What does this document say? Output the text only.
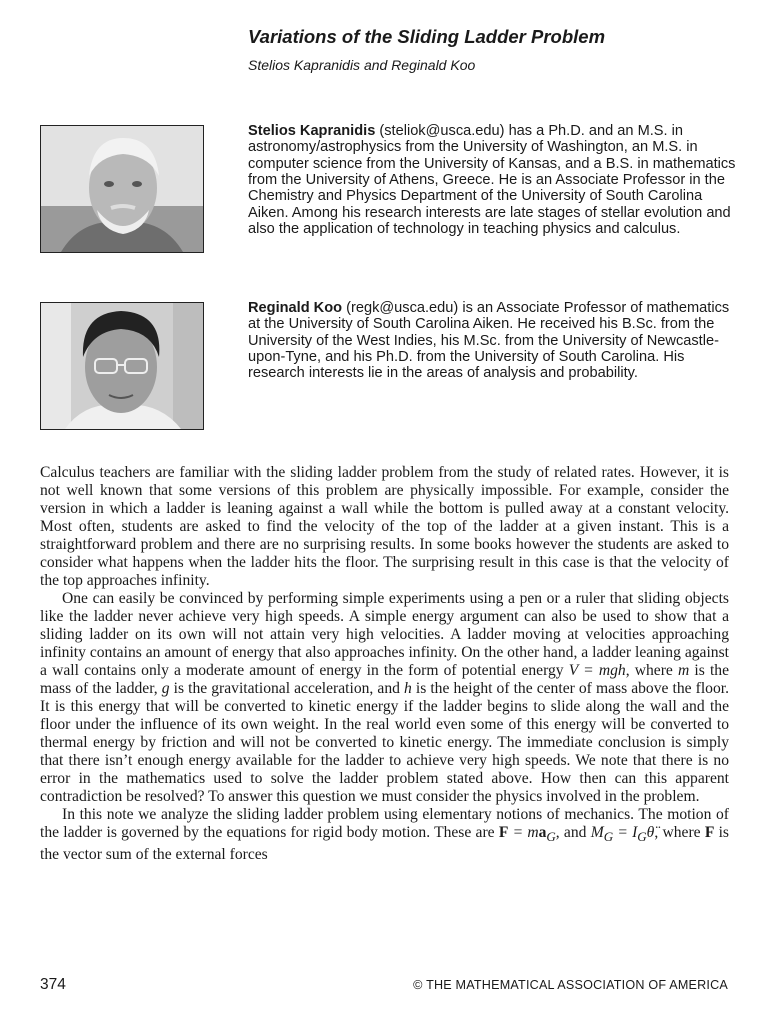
Variations of the Sliding Ladder Problem
Stelios Kapranidis and Reginald Koo
Stelios Kapranidis (steliok@usca.edu) has a Ph.D. and an M.S. in astronomy/astrophysics from the University of Washington, an M.S. in computer science from the University of Kansas, and a B.S. in mathematics from the University of Athens, Greece. He is an Associate Professor in the Chemistry and Physics Department of the University of South Carolina Aiken. Among his research interests are late stages of stellar evolution and also the application of technology in teaching physics and calculus.
Reginald Koo (regk@usca.edu) is an Associate Professor of mathematics at the University of South Carolina Aiken. He received his B.Sc. from the University of the West Indies, his M.Sc. from the University of Newcastle-upon-Tyne, and his Ph.D. from the University of South Carolina. His research interests lie in the areas of analysis and probability.

Calculus teachers are familiar with the sliding ladder problem from the study of related rates. However, it is not well known that some versions of this problem are physically impossible. For example, consider the version in which a ladder is leaning against a wall while the bottom is pulled away at a constant velocity. Most often, students are asked to find the velocity of the top of the ladder at a given instant. This is a straightforward problem and there are no surprising results. In some books however the students are asked to consider what happens when the ladder hits the floor. The surprising result in this case is that the velocity of the top approaches infinity.

One can easily be convinced by performing simple experiments using a pen or a ruler that sliding objects like the ladder never achieve very high speeds. A simple energy argument can also be used to show that a sliding ladder on its own will not attain very high velocities. A ladder moving at velocities approaching infinity contains an amount of energy that also approaches infinity. On the other hand, a ladder leaning against a wall contains only a moderate amount of energy in the form of potential energy V = mgh, where m is the mass of the ladder, g is the gravitational acceleration, and h is the height of the center of mass above the floor. It is this energy that will be converted to kinetic energy if the ladder begins to slide along the wall and the floor under the influence of its own weight. In the real world even some of this energy will be converted to thermal energy by friction and will not be converted to kinetic energy. The immediate conclusion is simply that there isn’t enough energy available for the ladder to achieve very high speeds. We note that there is no error in the mathematics used to solve the ladder problem stated above. How then can this apparent contradiction be resolved? To answer this question we must consider the physics involved in the problem.

In this note we analyze the sliding ladder problem using elementary notions of mechanics. The motion of the ladder is governed by the equations for rigid body motion. These are $F = ma_G$, and $M_G$ = $I_G\thetä$, where F is the vector sum of the external forces

374	© THE MATHEMATICAL ASSOCIATION OF AMERICA
